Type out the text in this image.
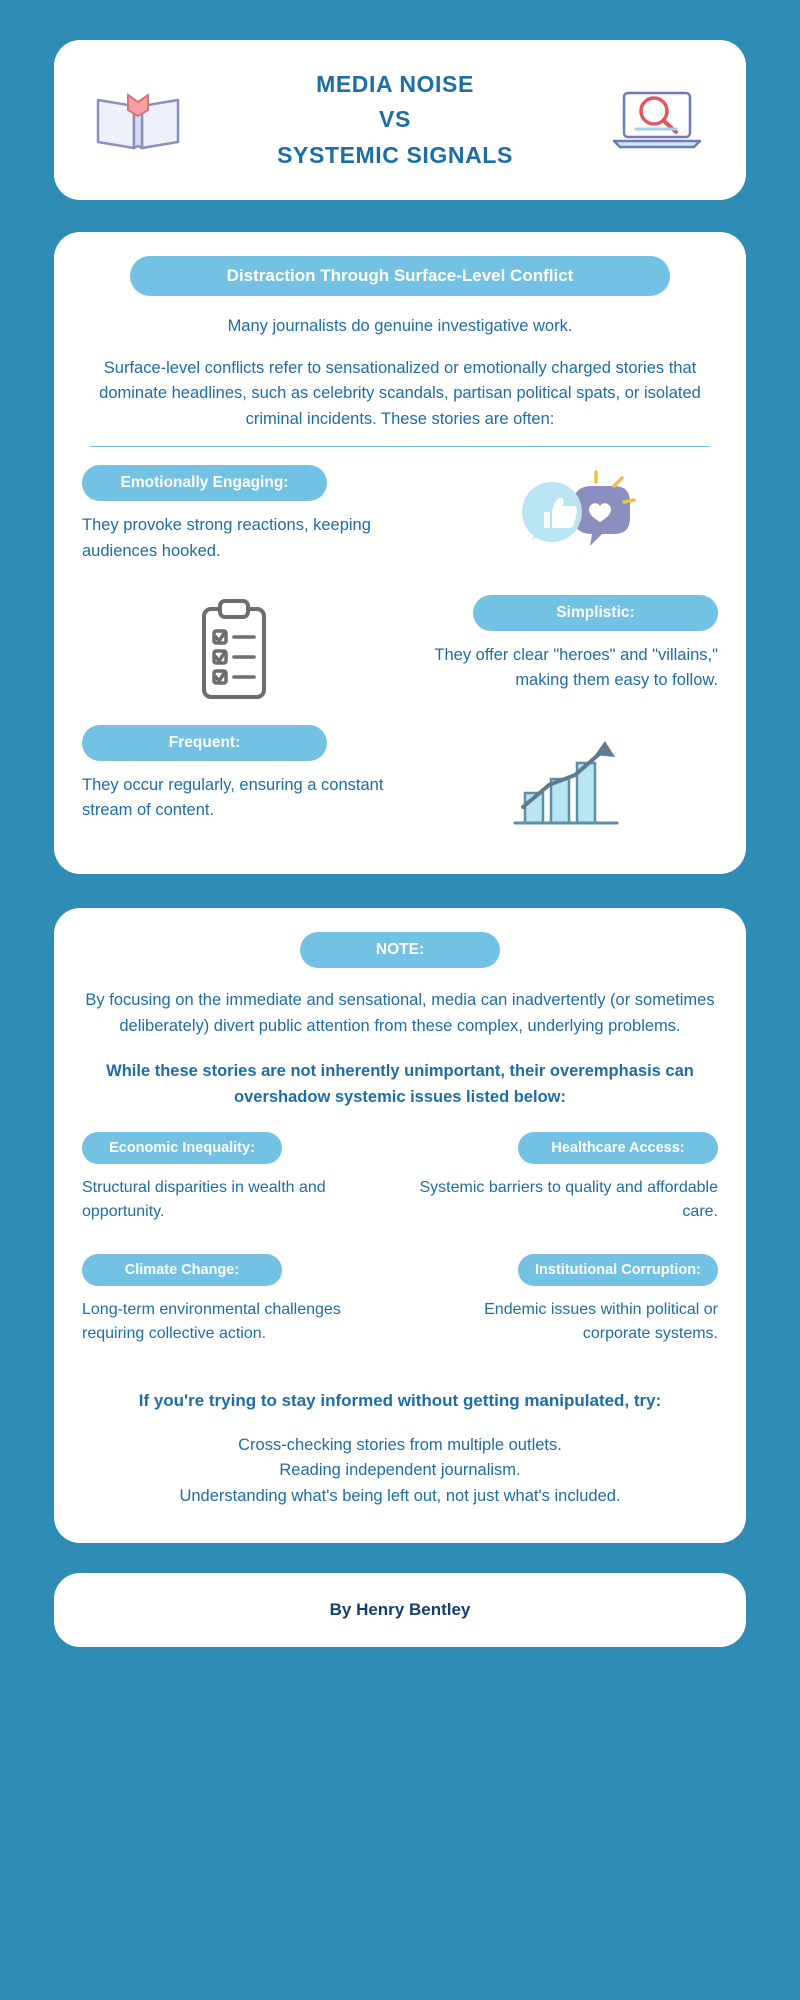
MEDIA NOISE
VS
SYSTEMIC SIGNALS
Distraction Through Surface-Level Conflict

Many journalists do genuine investigative work.

Surface-level conflicts refer to sensationalized or emotionally charged stories that dominate headlines, such as celebrity scandals, partisan political spats, or isolated criminal incidents. These stories are often:

Emotionally Engaging:

They provoke strong reactions, keeping audiences hooked.

Simplistic:

They offer clear "heroes" and "villains," making them easy to follow.

Frequent:

They occur regularly, ensuring a constant stream of content.

NOTE:

By focusing on the immediate and sensational, media can inadvertently (or sometimes deliberately) divert public attention from these complex, underlying problems.

While these stories are not inherently unimportant, their overemphasis can overshadow systemic issues listed below:

Economic Inequality:

Structural disparities in wealth and opportunity.

Healthcare Access:

Systemic barriers to quality and affordable care.

Climate Change:

Long-term environmental challenges requiring collective action.

Institutional Corruption:

Endemic issues within political or corporate systems.

If you're trying to stay informed without getting manipulated, try:

Cross-checking stories from multiple outlets.
Reading independent journalism.
Understanding what's being left out, not just what's included.
By Henry Bentley
